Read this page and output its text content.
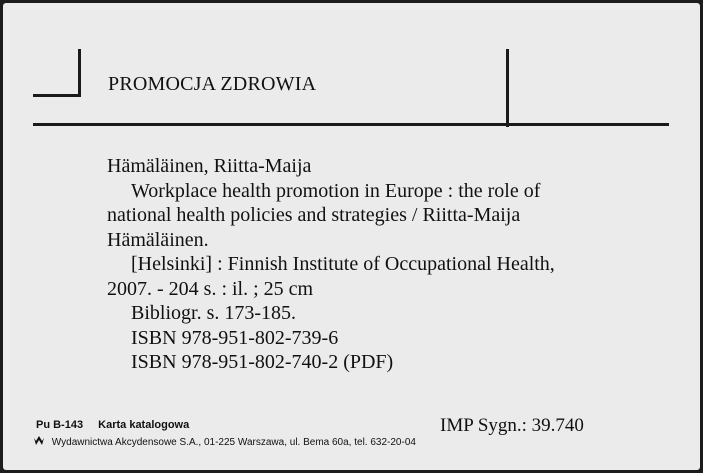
PROMOCJA ZDROWIA
Hämäläinen, Riitta-Maija
Workplace health promotion in Europe : the role of
national health policies and strategies / Riitta-Maija
Hämäläinen.
[Helsinki] : Finnish Institute of Occupational Health,
2007. - 204 s. : il. ; 25 cm
Bibliogr. s. 173-185.
ISBN 978-951-802-739-6
ISBN 978-951-802-740-2 (PDF)
Pu B-143 Karta katalogowa
Wydawnictwa Akcydensowe S.A., 01-225 Warszawa, ul. Bema 60a, tel. 632-20-04
IMP Sygn.: 39.740
